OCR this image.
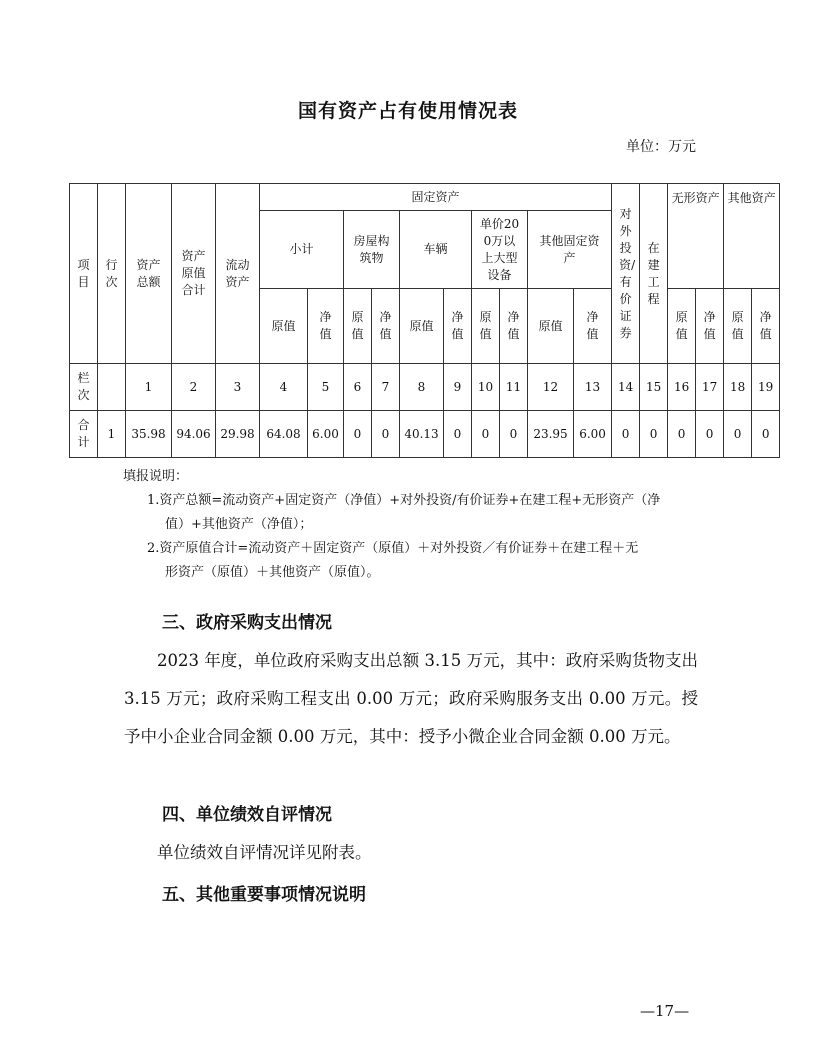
国有资产占有使用情况表
单位：万元
项目	行次	资产总额	资产原值合计	流动资产	固定资产										对外投资/有价证券	在建工程	无形资产		其他资产	
					小计		房屋构筑物		车辆		单价200万以上大型设备		其他固定资产							
					原值	净值	原值	净值	原值	净值	原值	净值	原值	净值			原值	净值	原值	净值
栏次		1	2	3	4	5	6	7	8	9	10	11	12	13	14	15	16	17	18	19
合计	1	35.98	94.06	29.98	64.08	6.00	0	0	40.13	0	0	0	23.95	6.00	0	0	0	0	0	0
填报说明：
1.资产总额=流动资产+固定资产（净值）+对外投资/有价证券+在建工程+无形资产（净
值）+其他资产（净值）；
2.资产原值合计=流动资产＋固定资产（原值）＋对外投资／有价证券＋在建工程＋无
形资产（原值）＋其他资产（原值）。
三、政府采购支出情况
2023 年度，单位政府采购支出总额 3.15 万元，其中：政府采购货物支出 3.15 万元；政府采购工程支出 0.00 万元；政府采购服务支出 0.00 万元。授予中小企业合同金额 0.00 万元，其中：授予小微企业合同金额 0.00 万元。
四、单位绩效自评情况
单位绩效自评情况详见附表。
五、其他重要事项情况说明
—17—
